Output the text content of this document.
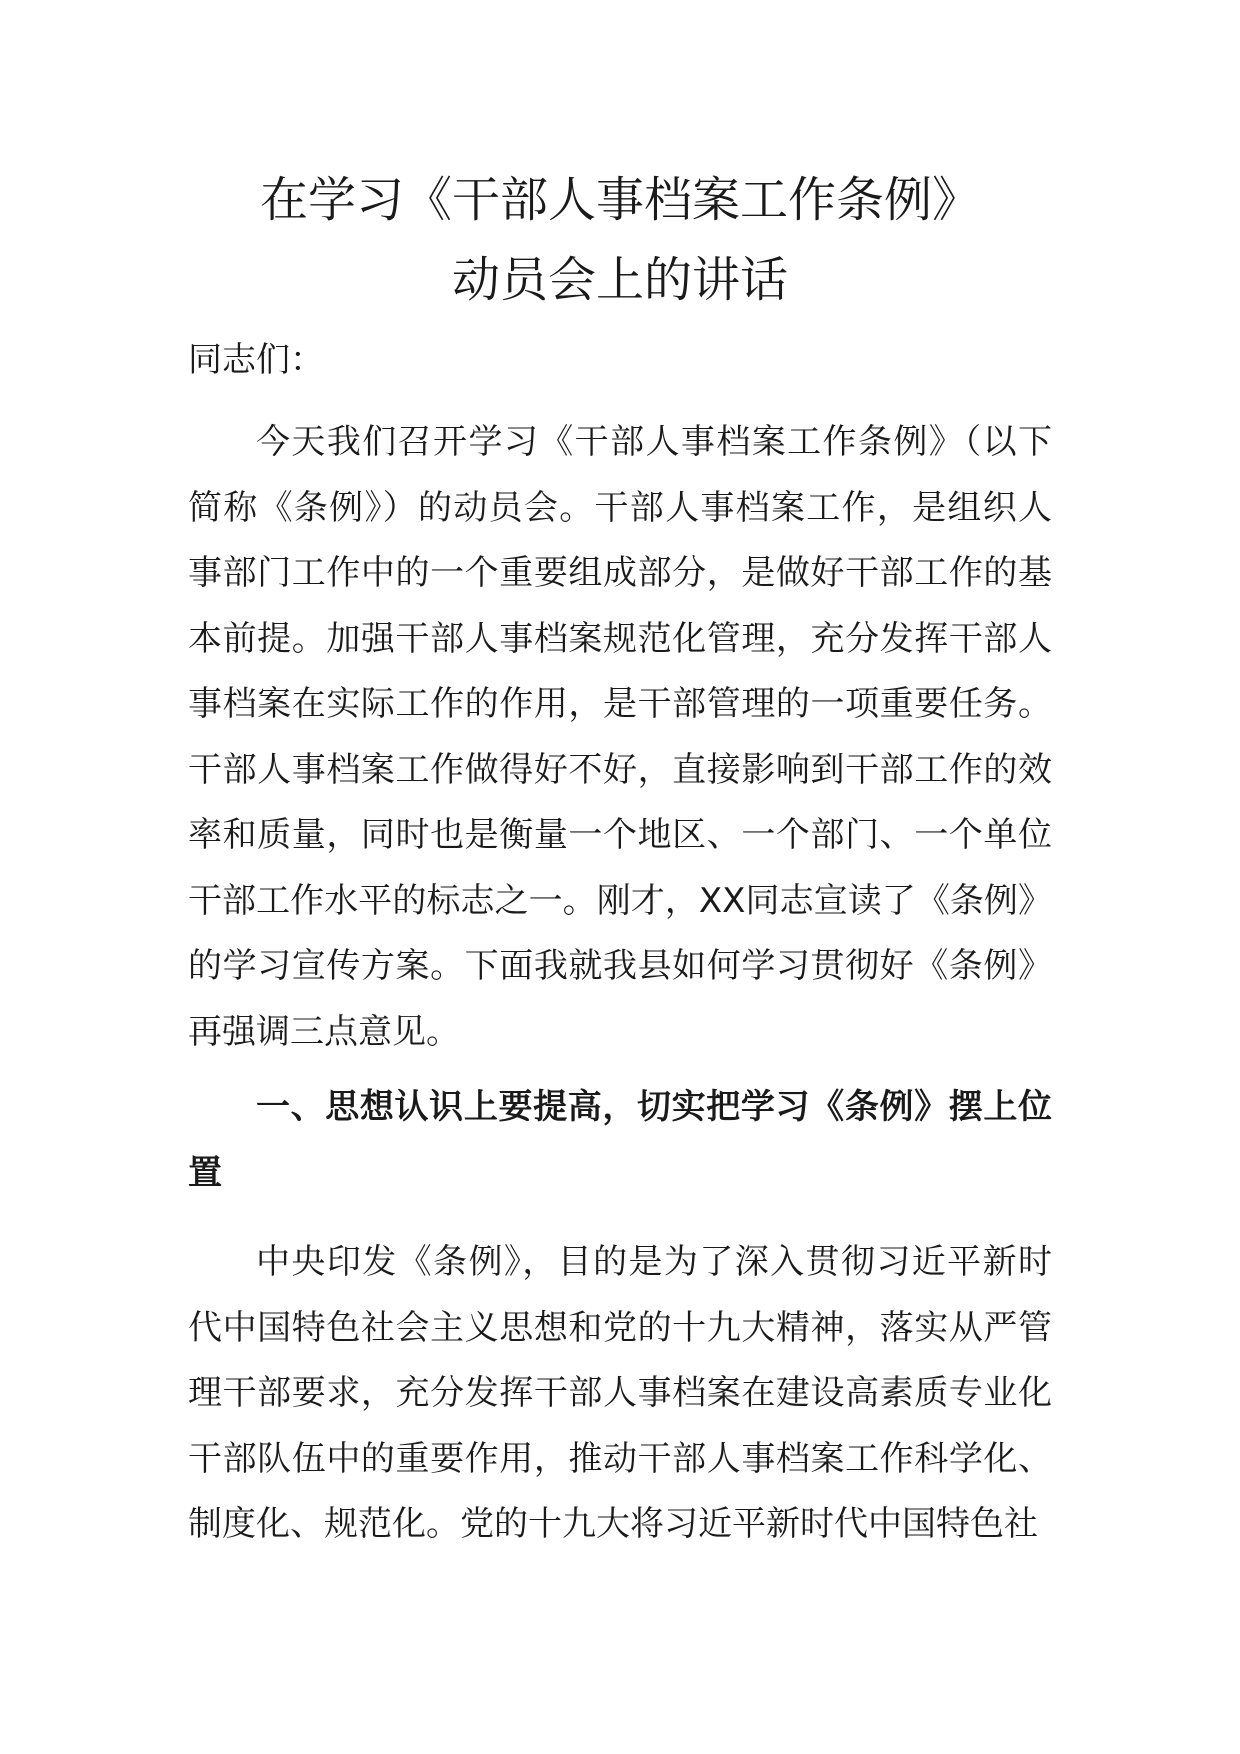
在学习《干部人事档案工作条例》
动员会上的讲话
同志们：
今天我们召开学习《干部人事档案工作条例》（以下简称《条例》）的动员会。干部人事档案工作，是组织人事部门工作中的一个重要组成部分，是做好干部工作的基本前提。加强干部人事档案规范化管理，充分发挥干部人事档案在实际工作的作用，是干部管理的一项重要任务。干部人事档案工作做得好不好，直接影响到干部工作的效率和质量，同时也是衡量一个地区、一个部门、一个单位干部工作水平的标志之一。刚才，XX同志宣读了《条例》的学习宣传方案。下面我就我县如何学习贯彻好《条例》再强调三点意见。
一、思想认识上要提高，切实把学习《条例》摆上位置
中央印发《条例》，目的是为了深入贯彻习近平新时代中国特色社会主义思想和党的十九大精神，落实从严管理干部要求，充分发挥干部人事档案在建设高素质专业化干部队伍中的重要作用，推动干部人事档案工作科学化、制度化、规范化。党的十九大将习近平新时代中国特色社
